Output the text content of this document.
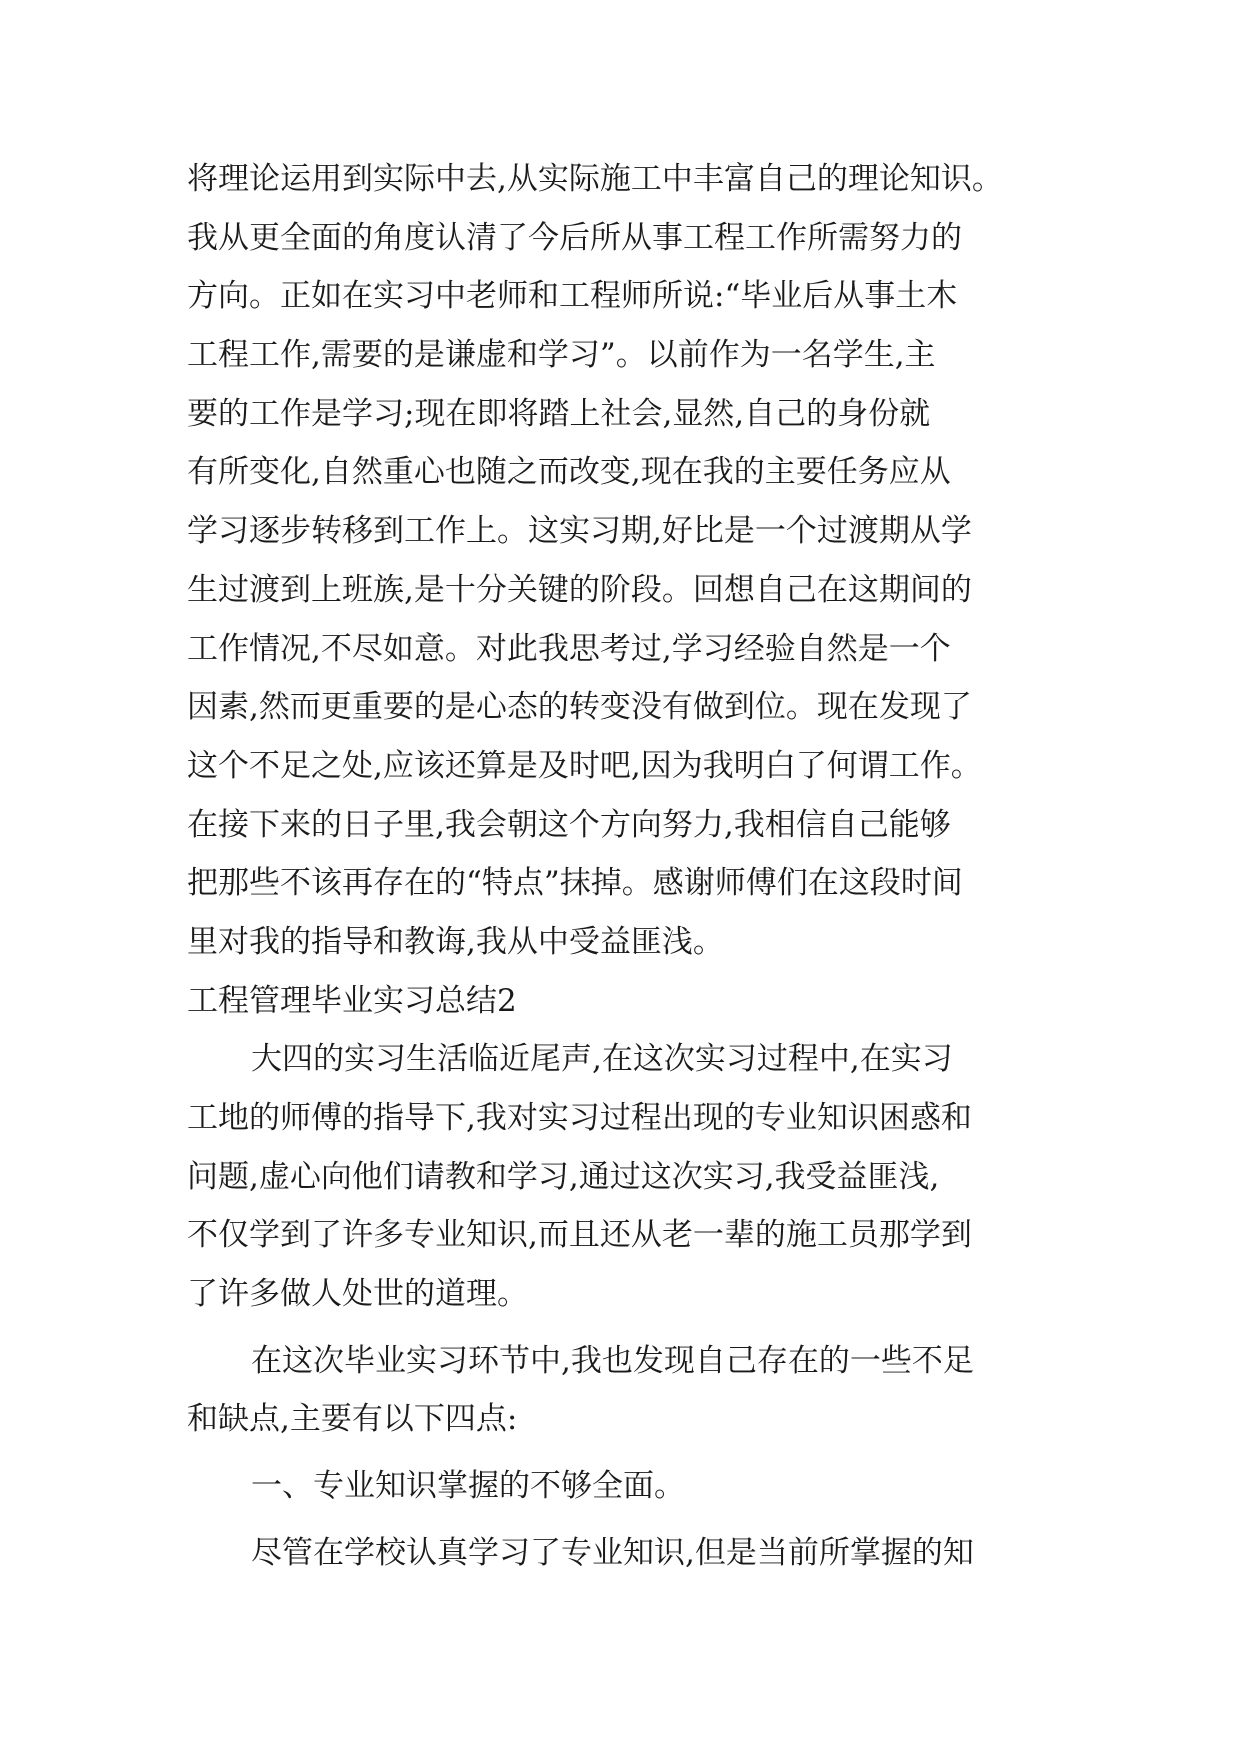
将理论运用到实际中去,从实际施工中丰富自己的理论知识。
我从更全面的角度认清了今后所从事工程工作所需努力的
方向。正如在实习中老师和工程师所说:“毕业后从事土木
工程工作,需要的是谦虚和学习”。以前作为一名学生,主
要的工作是学习;现在即将踏上社会,显然,自己的身份就
有所变化,自然重心也随之而改变,现在我的主要任务应从
学习逐步转移到工作上。这实习期,好比是一个过渡期从学
生过渡到上班族,是十分关键的阶段。回想自己在这期间的
工作情况,不尽如意。对此我思考过,学习经验自然是一个
因素,然而更重要的是心态的转变没有做到位。现在发现了
这个不足之处,应该还算是及时吧,因为我明白了何谓工作。
在接下来的日子里,我会朝这个方向努力,我相信自己能够
把那些不该再存在的“特点”抹掉。感谢师傅们在这段时间
里对我的指导和教诲,我从中受益匪浅。
工程管理毕业实习总结2
大四的实习生活临近尾声,在这次实习过程中,在实习
工地的师傅的指导下,我对实习过程出现的专业知识困惑和
问题,虚心向他们请教和学习,通过这次实习,我受益匪浅,
不仅学到了许多专业知识,而且还从老一辈的施工员那学到
了许多做人处世的道理。
在这次毕业实习环节中,我也发现自己存在的一些不足
和缺点,主要有以下四点:
一、专业知识掌握的不够全面。
尽管在学校认真学习了专业知识,但是当前所掌握的知
